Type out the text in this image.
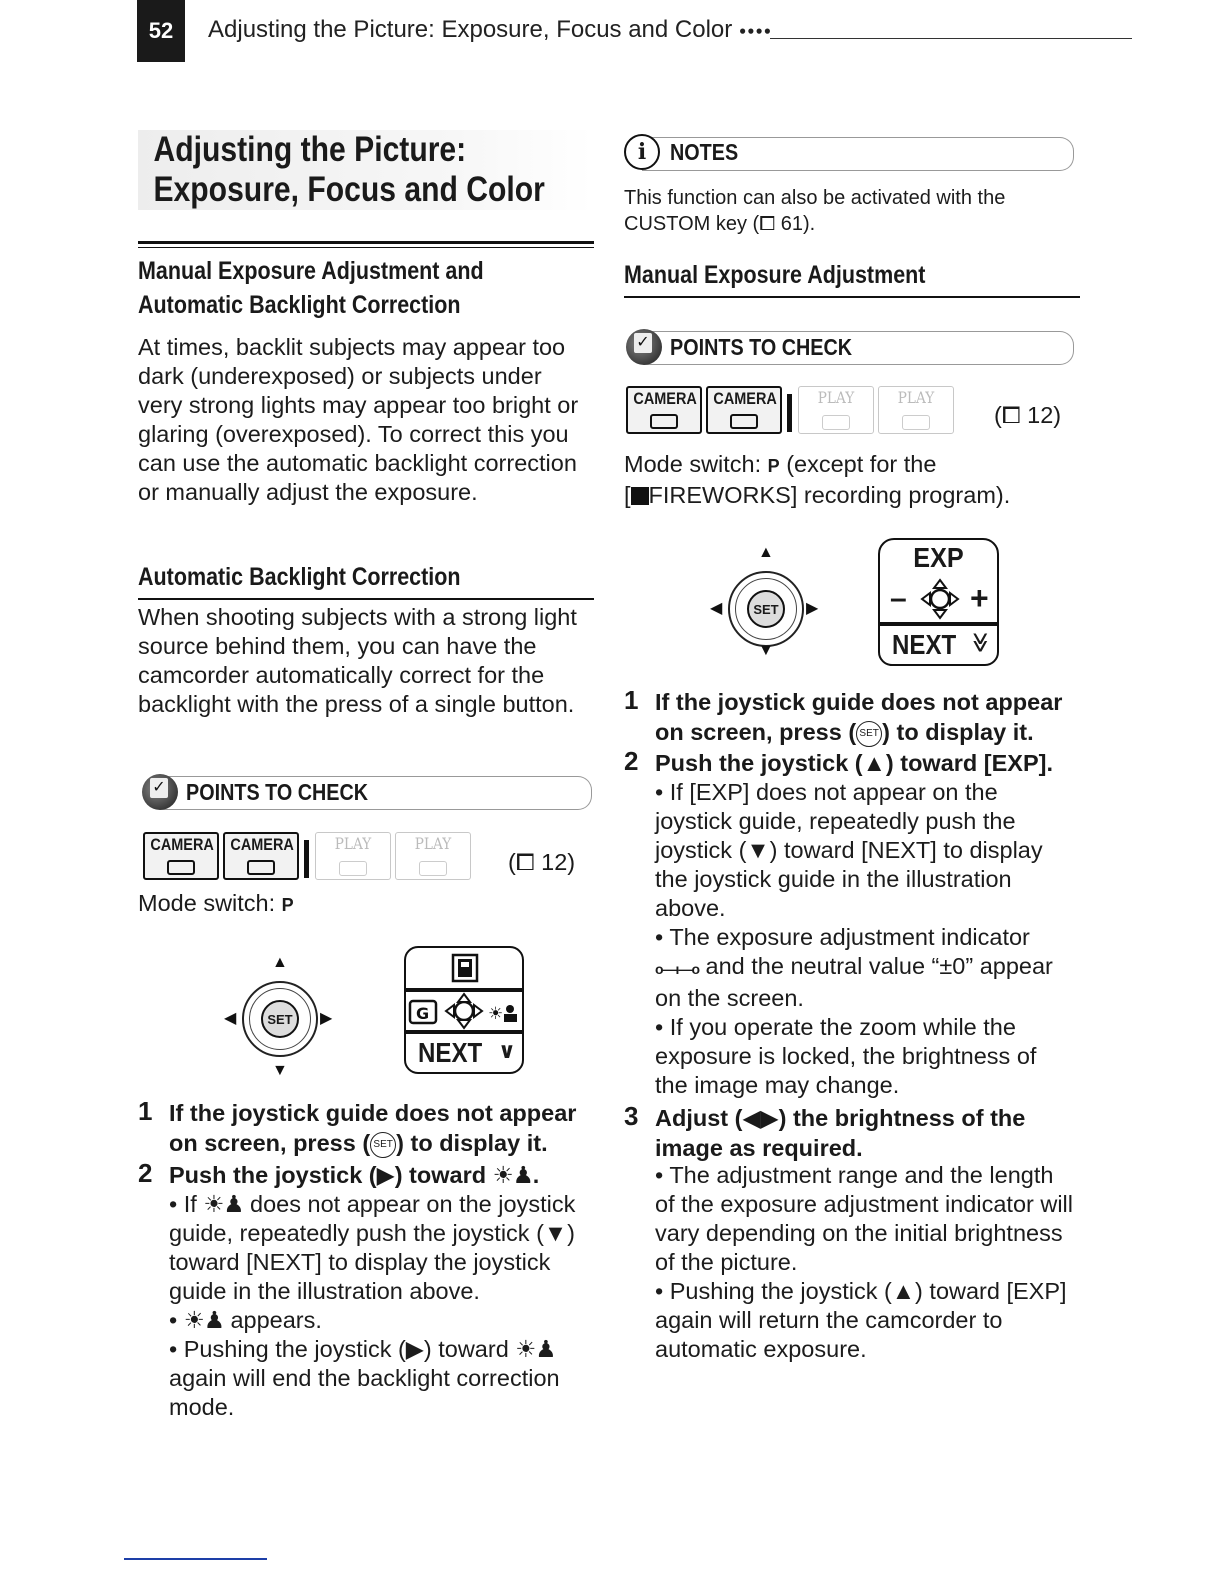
52	Adjusting the Picture: Exposure, Focus and Color ●●●●
Adjusting the Picture:
Exposure, Focus and Color
Manual Exposure Adjustment and
Automatic Backlight Correction
At times, backlit subjects may appear too dark (underexposed) or subjects under very strong lights may appear too bright or glaring (overexposed). To correct this you can use the automatic backlight correction or manually adjust the exposure.
Automatic Backlight Correction
When shooting subjects with a strong light source behind them, you can have the camcorder automatically correct for the backlight with the press of a single button.
✓
POINTS TO CHECK
CAMERA CAMERA	PLAY	PLAY
(⧠ 12)
Mode switch: P
▲
SET
◀	▶
▼
G	☀
NEXT ∨
1 If the joystick guide does not appear
on screen, press ( SET ) to display it.
2 Push the joystick (▶) toward ☀♟.
• If ☀♟ does not appear on the joystick guide, repeatedly push the joystick (▼) toward [NEXT] to display the joystick guide in the illustration above.
• ☀♟ appears.
• Pushing the joystick (▶) toward ☀♟ again will end the backlight correction mode.
i	NOTES
This function can also be activated with the CUSTOM key (⧠ 61).
Manual Exposure Adjustment
✓
POINTS TO CHECK
CAMERA CAMERA	PLAY	PLAY
(⧠ 12)
Mode switch: P (except for the
[ FIREWORKS] recording program).
▲
SET
◀	▶
▼
EXP
– +
NEXT ≫
1 If the joystick guide does not appear
on screen, press ( SET ) to display it.
2 Push the joystick (▲) toward [EXP].
• If [EXP] does not appear on the joystick guide, repeatedly push the joystick (▼) toward [NEXT] to display the joystick guide in the illustration above.
• The exposure adjustment indicator
o—ı—o and the neutral value “±0” appear on the screen.
• If you operate the zoom while the exposure is locked, the brightness of the image may change.
3 Adjust (◀▶) the brightness of the
image as required.
• The adjustment range and the length of the exposure adjustment indicator will vary depending on the initial brightness of the picture.
• Pushing the joystick (▲) toward [EXP] again will return the camcorder to automatic exposure.
